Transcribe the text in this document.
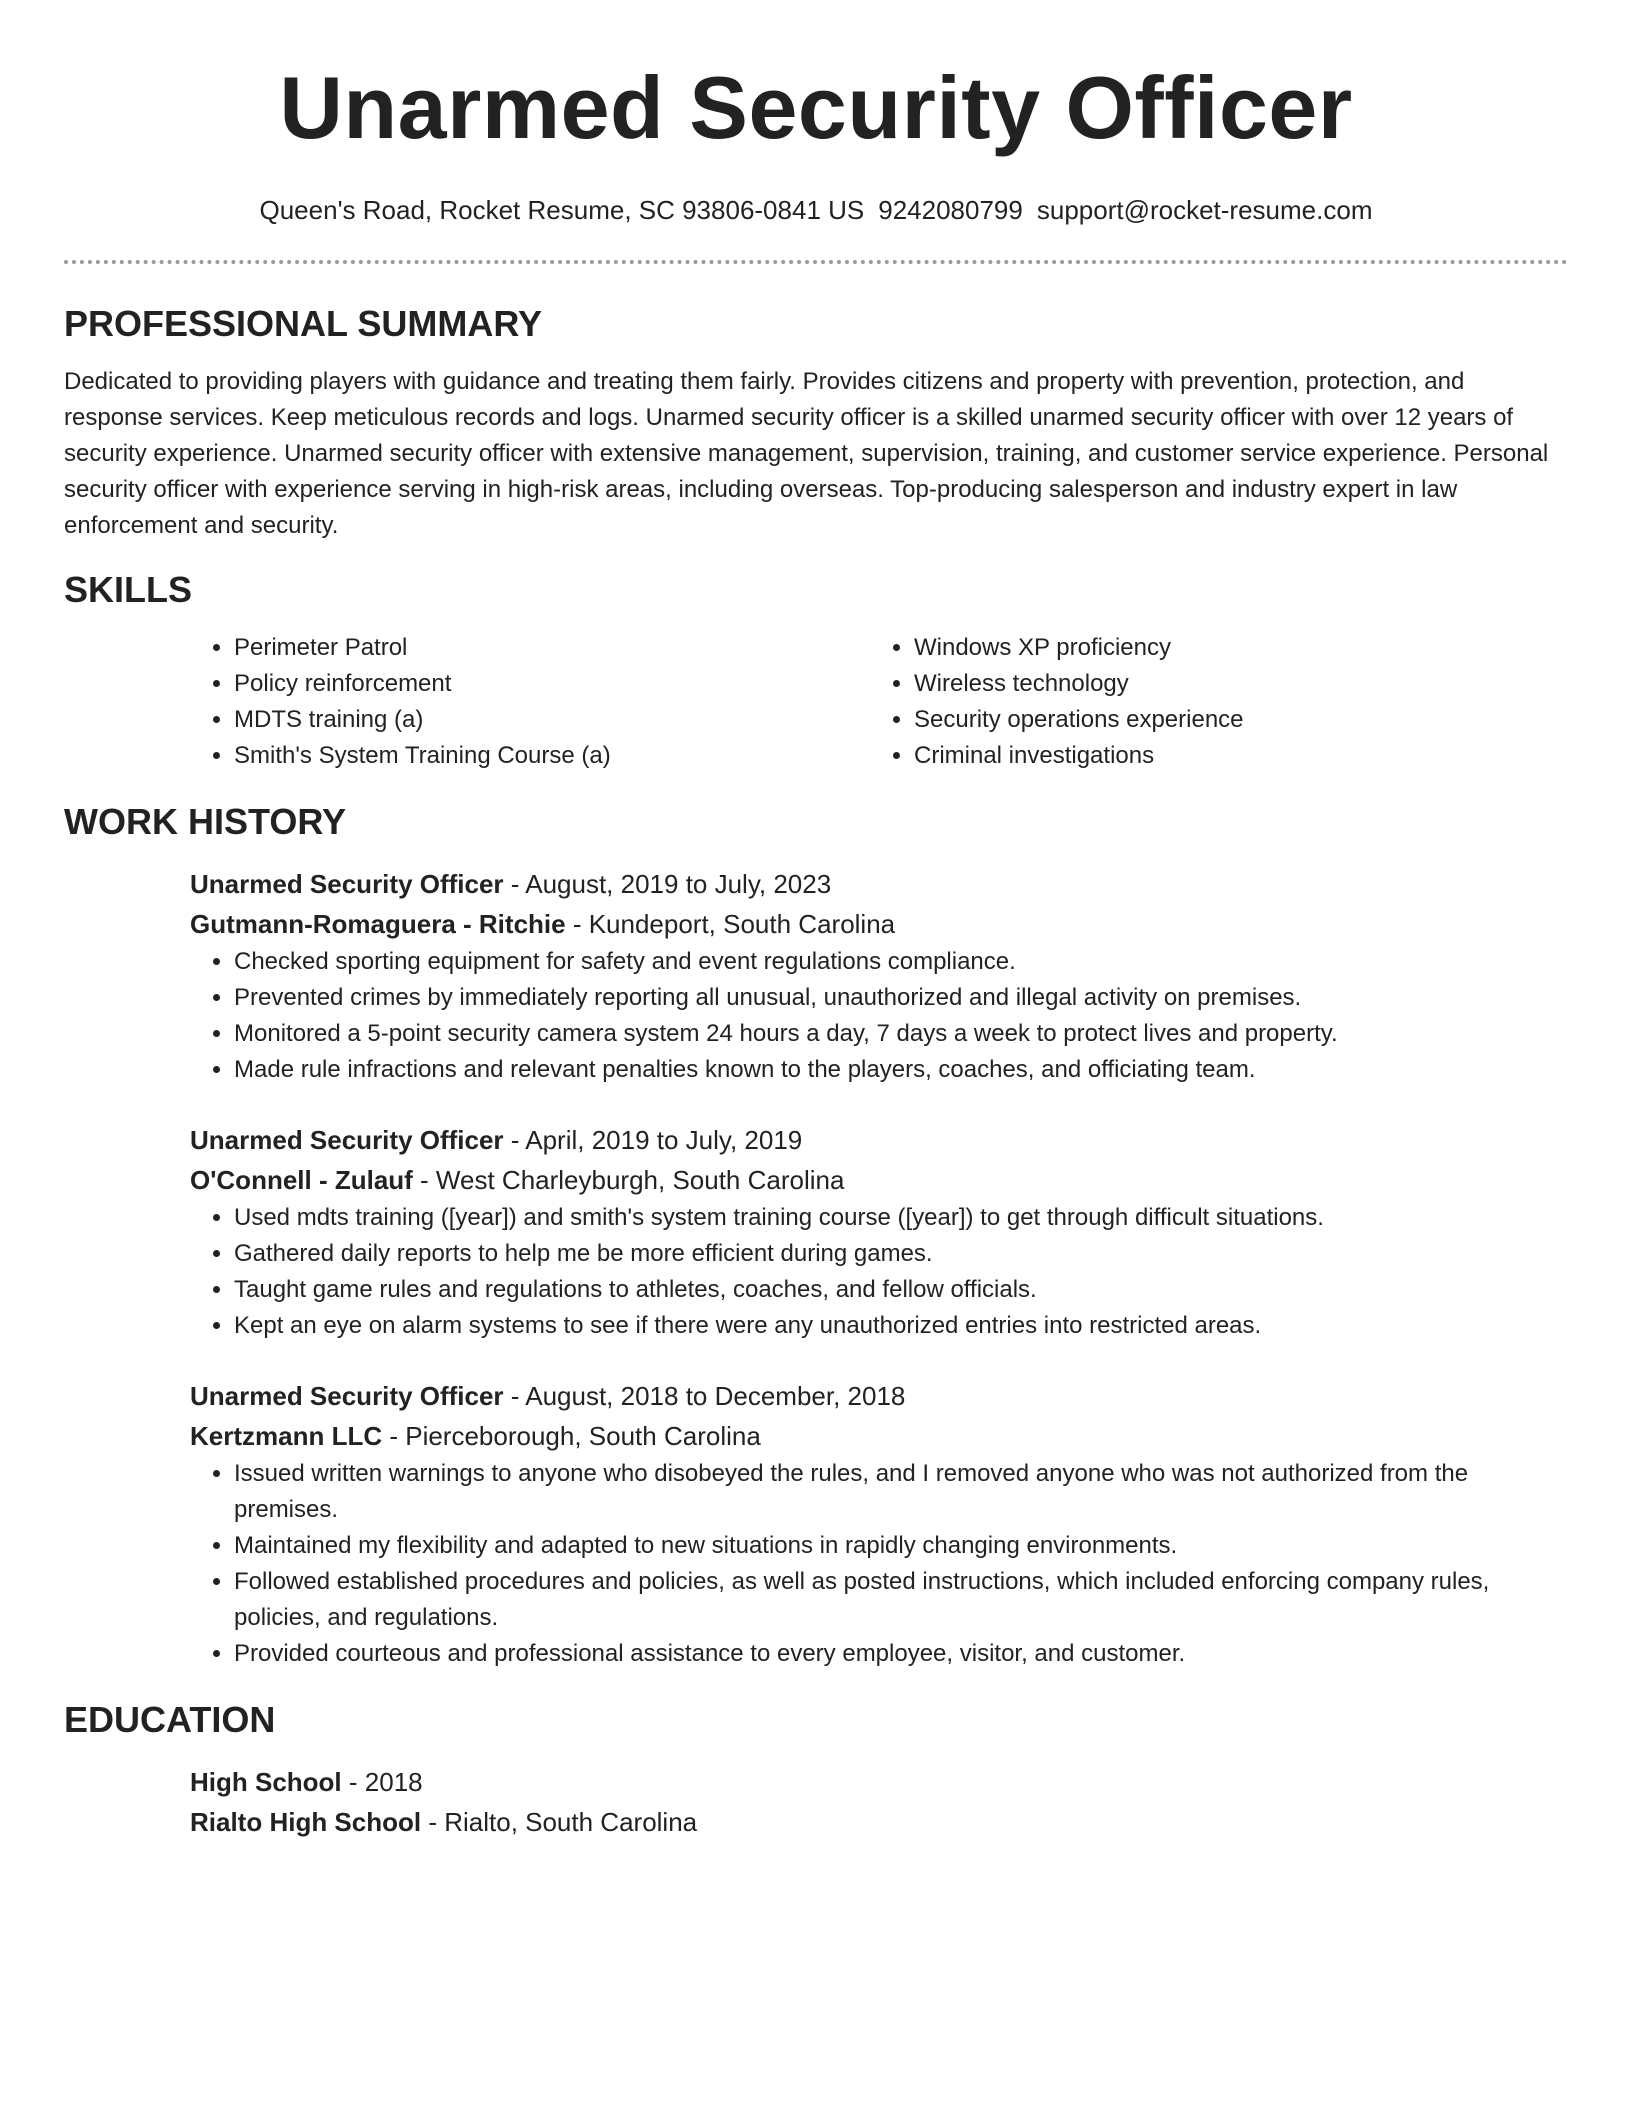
Unarmed Security Officer
Queen's Road, Rocket Resume, SC 93806-0841 US 9242080799 support@rocket-resume.com
PROFESSIONAL SUMMARY

Dedicated to providing players with guidance and treating them fairly. Provides citizens and property with prevention, protection, and response services. Keep meticulous records and logs. Unarmed security officer is a skilled unarmed security officer with over 12 years of security experience. Unarmed security officer with extensive management, supervision, training, and customer service experience. Personal security officer with experience serving in high-risk areas, including overseas. Top-producing salesperson and industry expert in law enforcement and security.

SKILLS
• Perimeter Patrol
• Policy reinforcement
• MDTS training (a)
• Smith's System Training Course (a)
• Windows XP proficiency
• Wireless technology
• Security operations experience
• Criminal investigations
WORK HISTORY
Unarmed Security Officer - August, 2019 to July, 2023
Gutmann-Romaguera - Ritchie - Kundeport, South Carolina
• Checked sporting equipment for safety and event regulations compliance.
• Prevented crimes by immediately reporting all unusual, unauthorized and illegal activity on premises.
• Monitored a 5-point security camera system 24 hours a day, 7 days a week to protect lives and property.
• Made rule infractions and relevant penalties known to the players, coaches, and officiating team.
Unarmed Security Officer - April, 2019 to July, 2019
O'Connell - Zulauf - West Charleyburgh, South Carolina
• Used mdts training ([year]) and smith's system training course ([year]) to get through difficult situations.
• Gathered daily reports to help me be more efficient during games.
• Taught game rules and regulations to athletes, coaches, and fellow officials.
• Kept an eye on alarm systems to see if there were any unauthorized entries into restricted areas.
Unarmed Security Officer - August, 2018 to December, 2018
Kertzmann LLC - Pierceborough, South Carolina
• Issued written warnings to anyone who disobeyed the rules, and I removed anyone who was not authorized from the premises.
• Maintained my flexibility and adapted to new situations in rapidly changing environments.
• Followed established procedures and policies, as well as posted instructions, which included enforcing company rules, policies, and regulations.
• Provided courteous and professional assistance to every employee, visitor, and customer.
EDUCATION
High School - 2018
Rialto High School - Rialto, South Carolina
